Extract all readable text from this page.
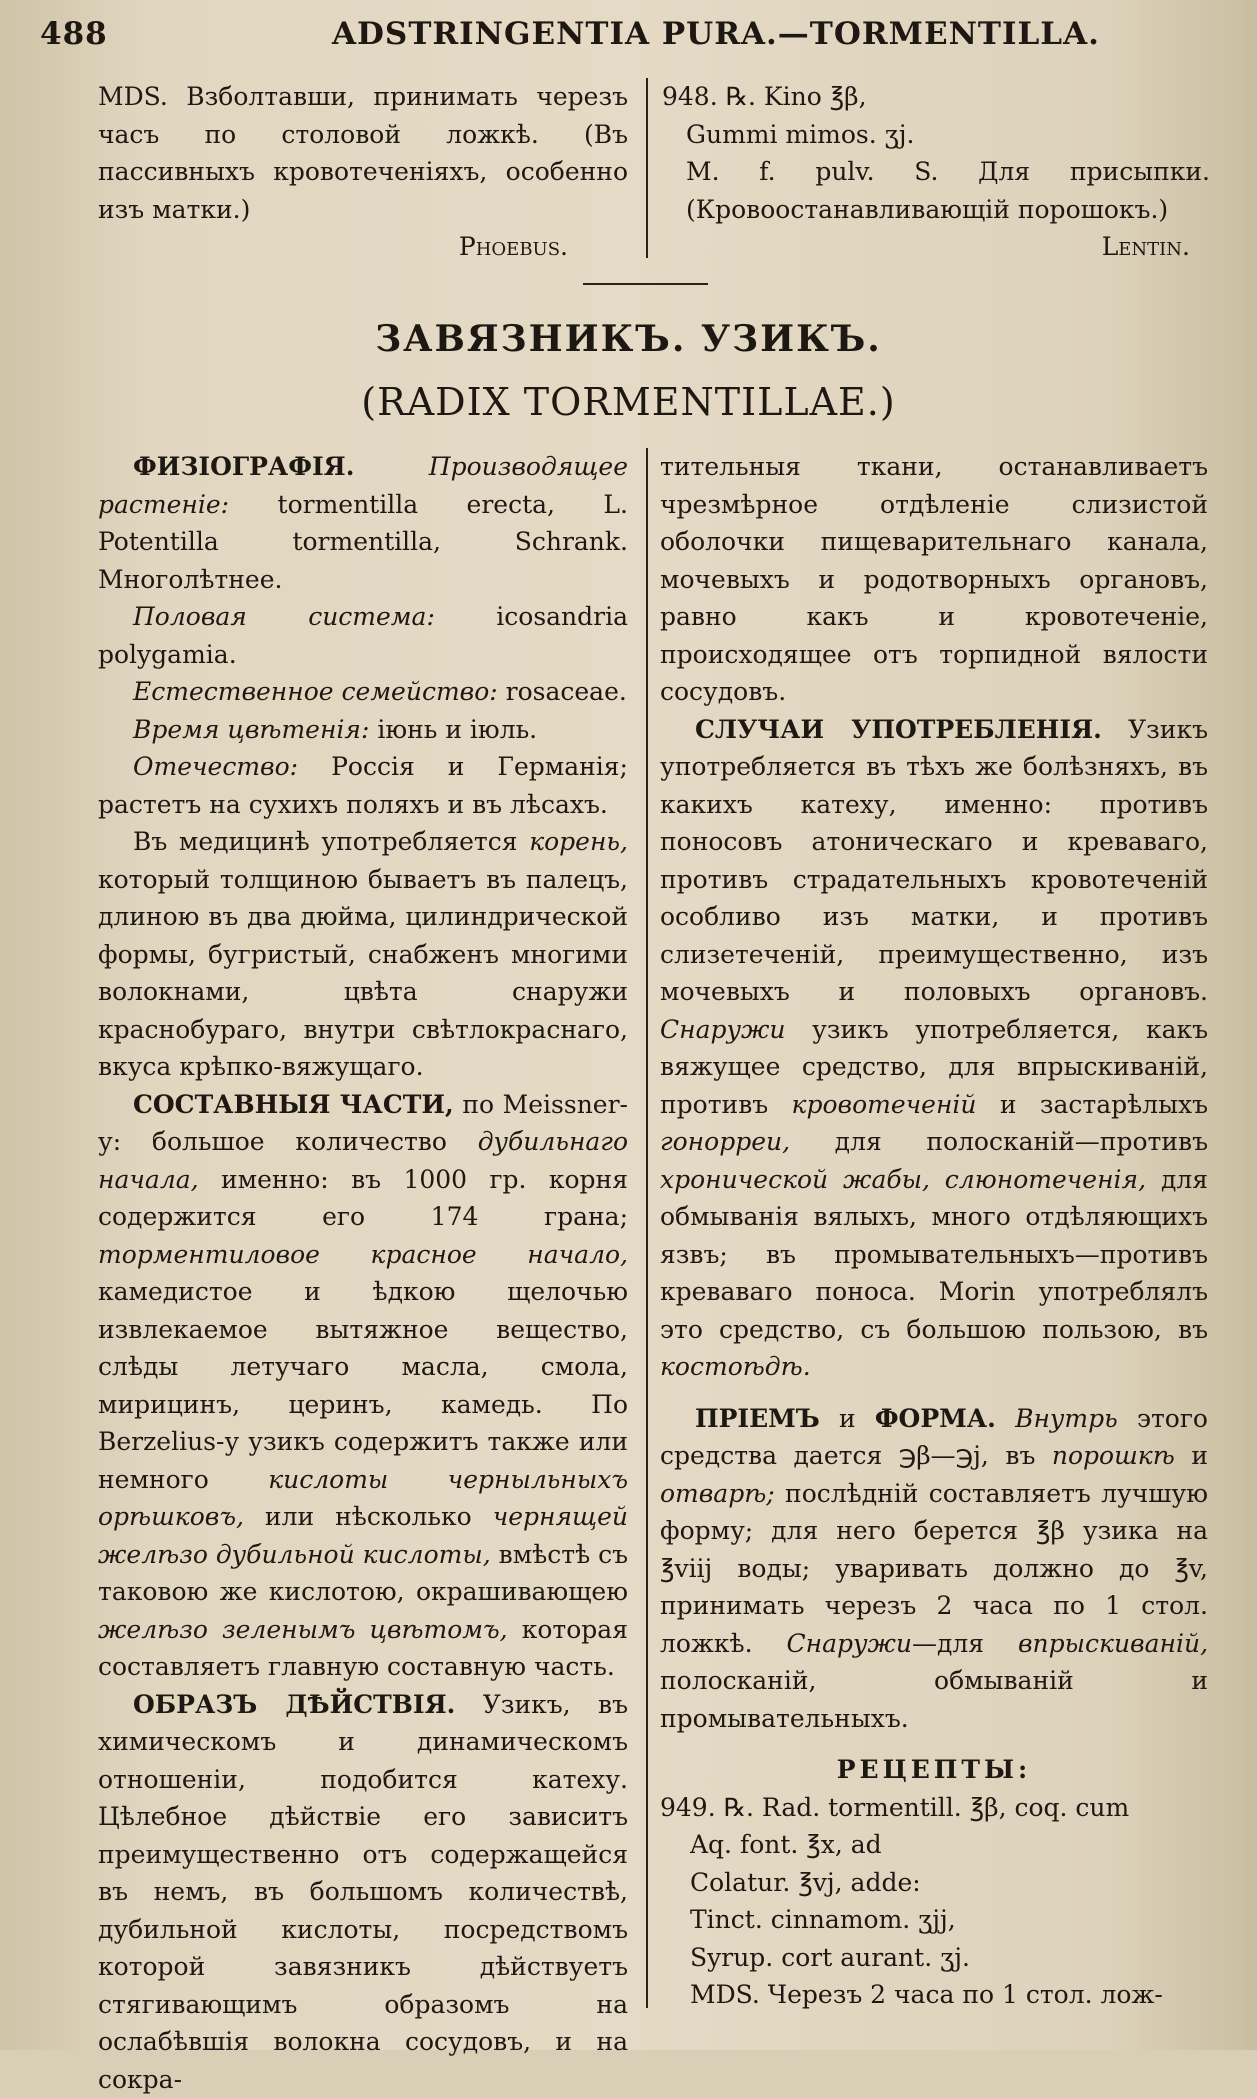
488	ADSTRINGENTIA PURA.—TORMENTILLA.

MDS. Взболтавши, принимать черезъ часъ по столовой ложкѣ. (Въ пассивныхъ кровотеченіяхъ, особенно изъ матки.)

Phoebus.

948. ℞. Kino ℥β,

Gummi mimos. ʒj.

M. f. pulv. S. Для присыпки. (Кровоостанавливающій порошокъ.)

Lentin.

ЗАВЯЗНИКЪ. УЗИКЪ.
(RADIX TORMENTILLAE.)

ФИЗIОГРАФIЯ.	Производящее растеніе: tormentilla erecta, L. Potentilla tormentilla, Schrank. Многолѣтнее.

Половая система: icosandria polygamia.

Естественное семейство: rosaceae.

Время цвѣтенія: іюнь и іюль.

Отечество: Россія и Германія; растетъ на сухихъ поляхъ и въ лѣсахъ.

Въ медицинѣ употребляется корень, который толщиною бываетъ въ палецъ, длиною въ два дюйма, цилиндрической формы, бугристый, снабженъ многими волокнами, цвѣта снаружи краснобураго, внутри свѣтлокраснаго, вкуса крѣпко-вяжущаго.

СОСТАВНЫЯ ЧАСТИ, по Meissner-у: большое количество дубильнаго начала, именно: въ 1000 гр. корня содержится его 174 грана; торментиловое красное начало, камедистое и ѣдкою щелочью извлекаемое вытяжное вещество, слѣды летучаго масла, смола, мирицинъ, церинъ, камедь. По Berzelius-у узикъ содержитъ также или немного кислоты черныльныхъ орѣшковъ, или нѣсколько чернящей желѣзо дубильной кислоты, вмѣстѣ съ таковою же кислотою, окрашивающею желѣзо зеленымъ цвѣтомъ, которая составляетъ главную составную часть.

ОБРАЗЪ ДѢЙСТВІЯ. Узикъ, въ химическомъ и динамическомъ отношеніи, подобится катеху. Цѣлебное дѣйствіе его зависитъ преимущественно отъ содержащейся въ немъ, въ большомъ количествѣ, дубильной кислоты, посредствомъ которой завязникъ дѣйствуетъ стягивающимъ образомъ на ослабѣвшія волокна сосудовъ, и на сокра-

тительныя ткани, останавливаетъ чрезмѣрное отдѣленіе слизистой оболочки пищеварительнаго канала, мочевыхъ и родотворныхъ органовъ, равно какъ и кровотеченіе, происходящее отъ торпидной вялости сосудовъ.

СЛУЧАИ УПОТРЕБЛЕНІЯ. Узикъ употребляется въ тѣхъ же болѣзняхъ, въ какихъ катеху, именно: противъ поносовъ атоническаго и креваваго, противъ страдательныхъ кровотеченій особливо изъ матки, и противъ слизетеченій, преимущественно, изъ мочевыхъ и половыхъ органовъ. Снаружи узикъ употребляется, какъ вяжущее средство, для впрыскиваній, противъ кровотеченій и застарѣлыхъ гонорреи, для полосканій—противъ хронической жабы, слюнотеченія, для обмыванія вялыхъ, много отдѣляющихъ язвъ; въ промывательныхъ—противъ креваваго поноса. Morin употреблялъ это средство, съ большою пользою, въ костоѣдѣ.

ПРІЕМЪ и ФОРМА. Внутрь этого средства дается ℈β—℈j, въ порошкѣ и отварѣ; послѣдній составляетъ лучшую форму; для него берется ℥β узика на ℥viij воды; уваривать должно до ℥v, принимать черезъ 2 часа по 1 стол. ложкѣ. Снаружи—для впрыскиваній, полосканій, обмываній и промывательныхъ.

РЕЦЕПТЫ:

949. ℞. Rad. tormentill. ℥β, coq. cum

Aq. font. ℥x, ad

Colatur. ℥vj, adde:

Tinct. cinnamom. ʒjj,

Syrup. cort aurant. ʒj.

MDS. Черезъ 2 часа по 1 стол. лож-
